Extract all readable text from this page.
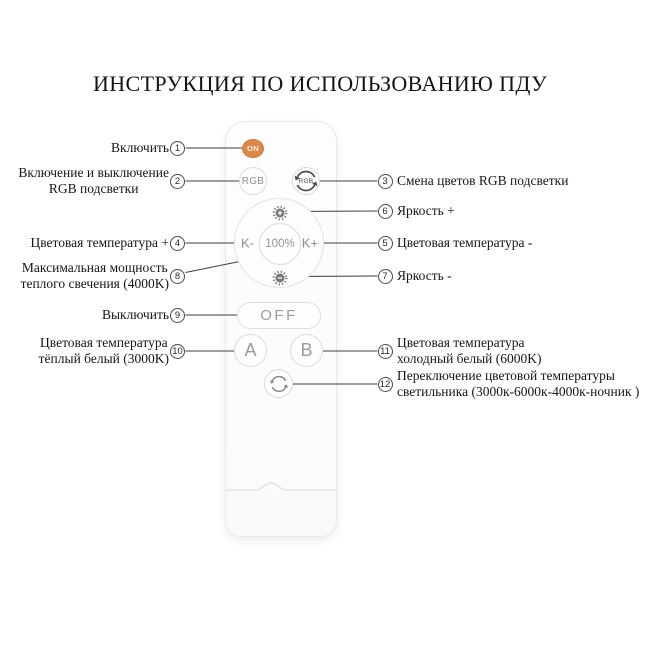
ИНСТРУКЦИЯ ПО ИСПОЛЬЗОВАНИЮ ПДУ
ON
RGB	RGB
K- 100% K+
OFF
A B
1
2	3
4	5
6
7
8
9
10	11
12
Включить
Включение и выключение
RGB подсветки
Смена цветов RGB подсветки
Цветовая температура +	Цветовая температура -
Яркость +
Яркость -
Максимальная мощность
теплого свечения (4000K)
Выключить
Цветовая температура
тёплый белый (3000K)
Цветовая температура
холодный белый (6000K)
Переключение цветовой температуры
светильника (3000к-6000к-4000к-ночник )
